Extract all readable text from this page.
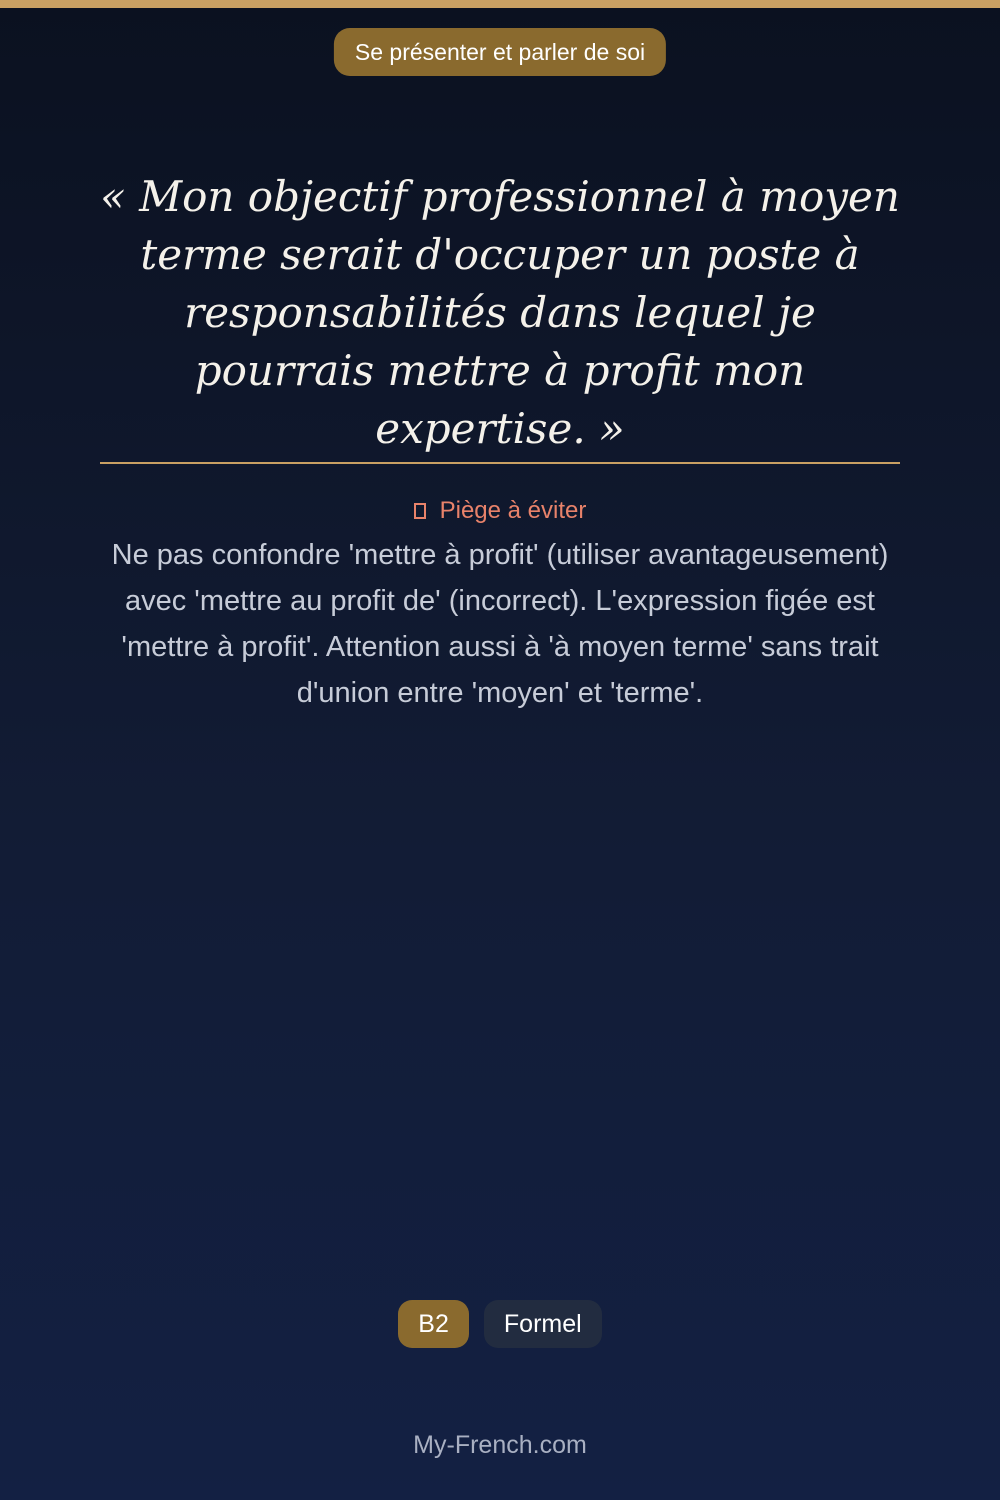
Se présenter et parler de soi

« Mon objectif professionnel à moyen terme serait d'occuper un poste à responsabilités dans lequel je pourrais mettre à profit mon expertise. »

Piège à éviter

Ne pas confondre 'mettre à profit' (utiliser avantageusement) avec 'mettre au profit de' (incorrect). L'expression figée est 'mettre à profit'. Attention aussi à 'à moyen terme' sans trait d'union entre 'moyen' et 'terme'.

B2	Formel
My-French.com
